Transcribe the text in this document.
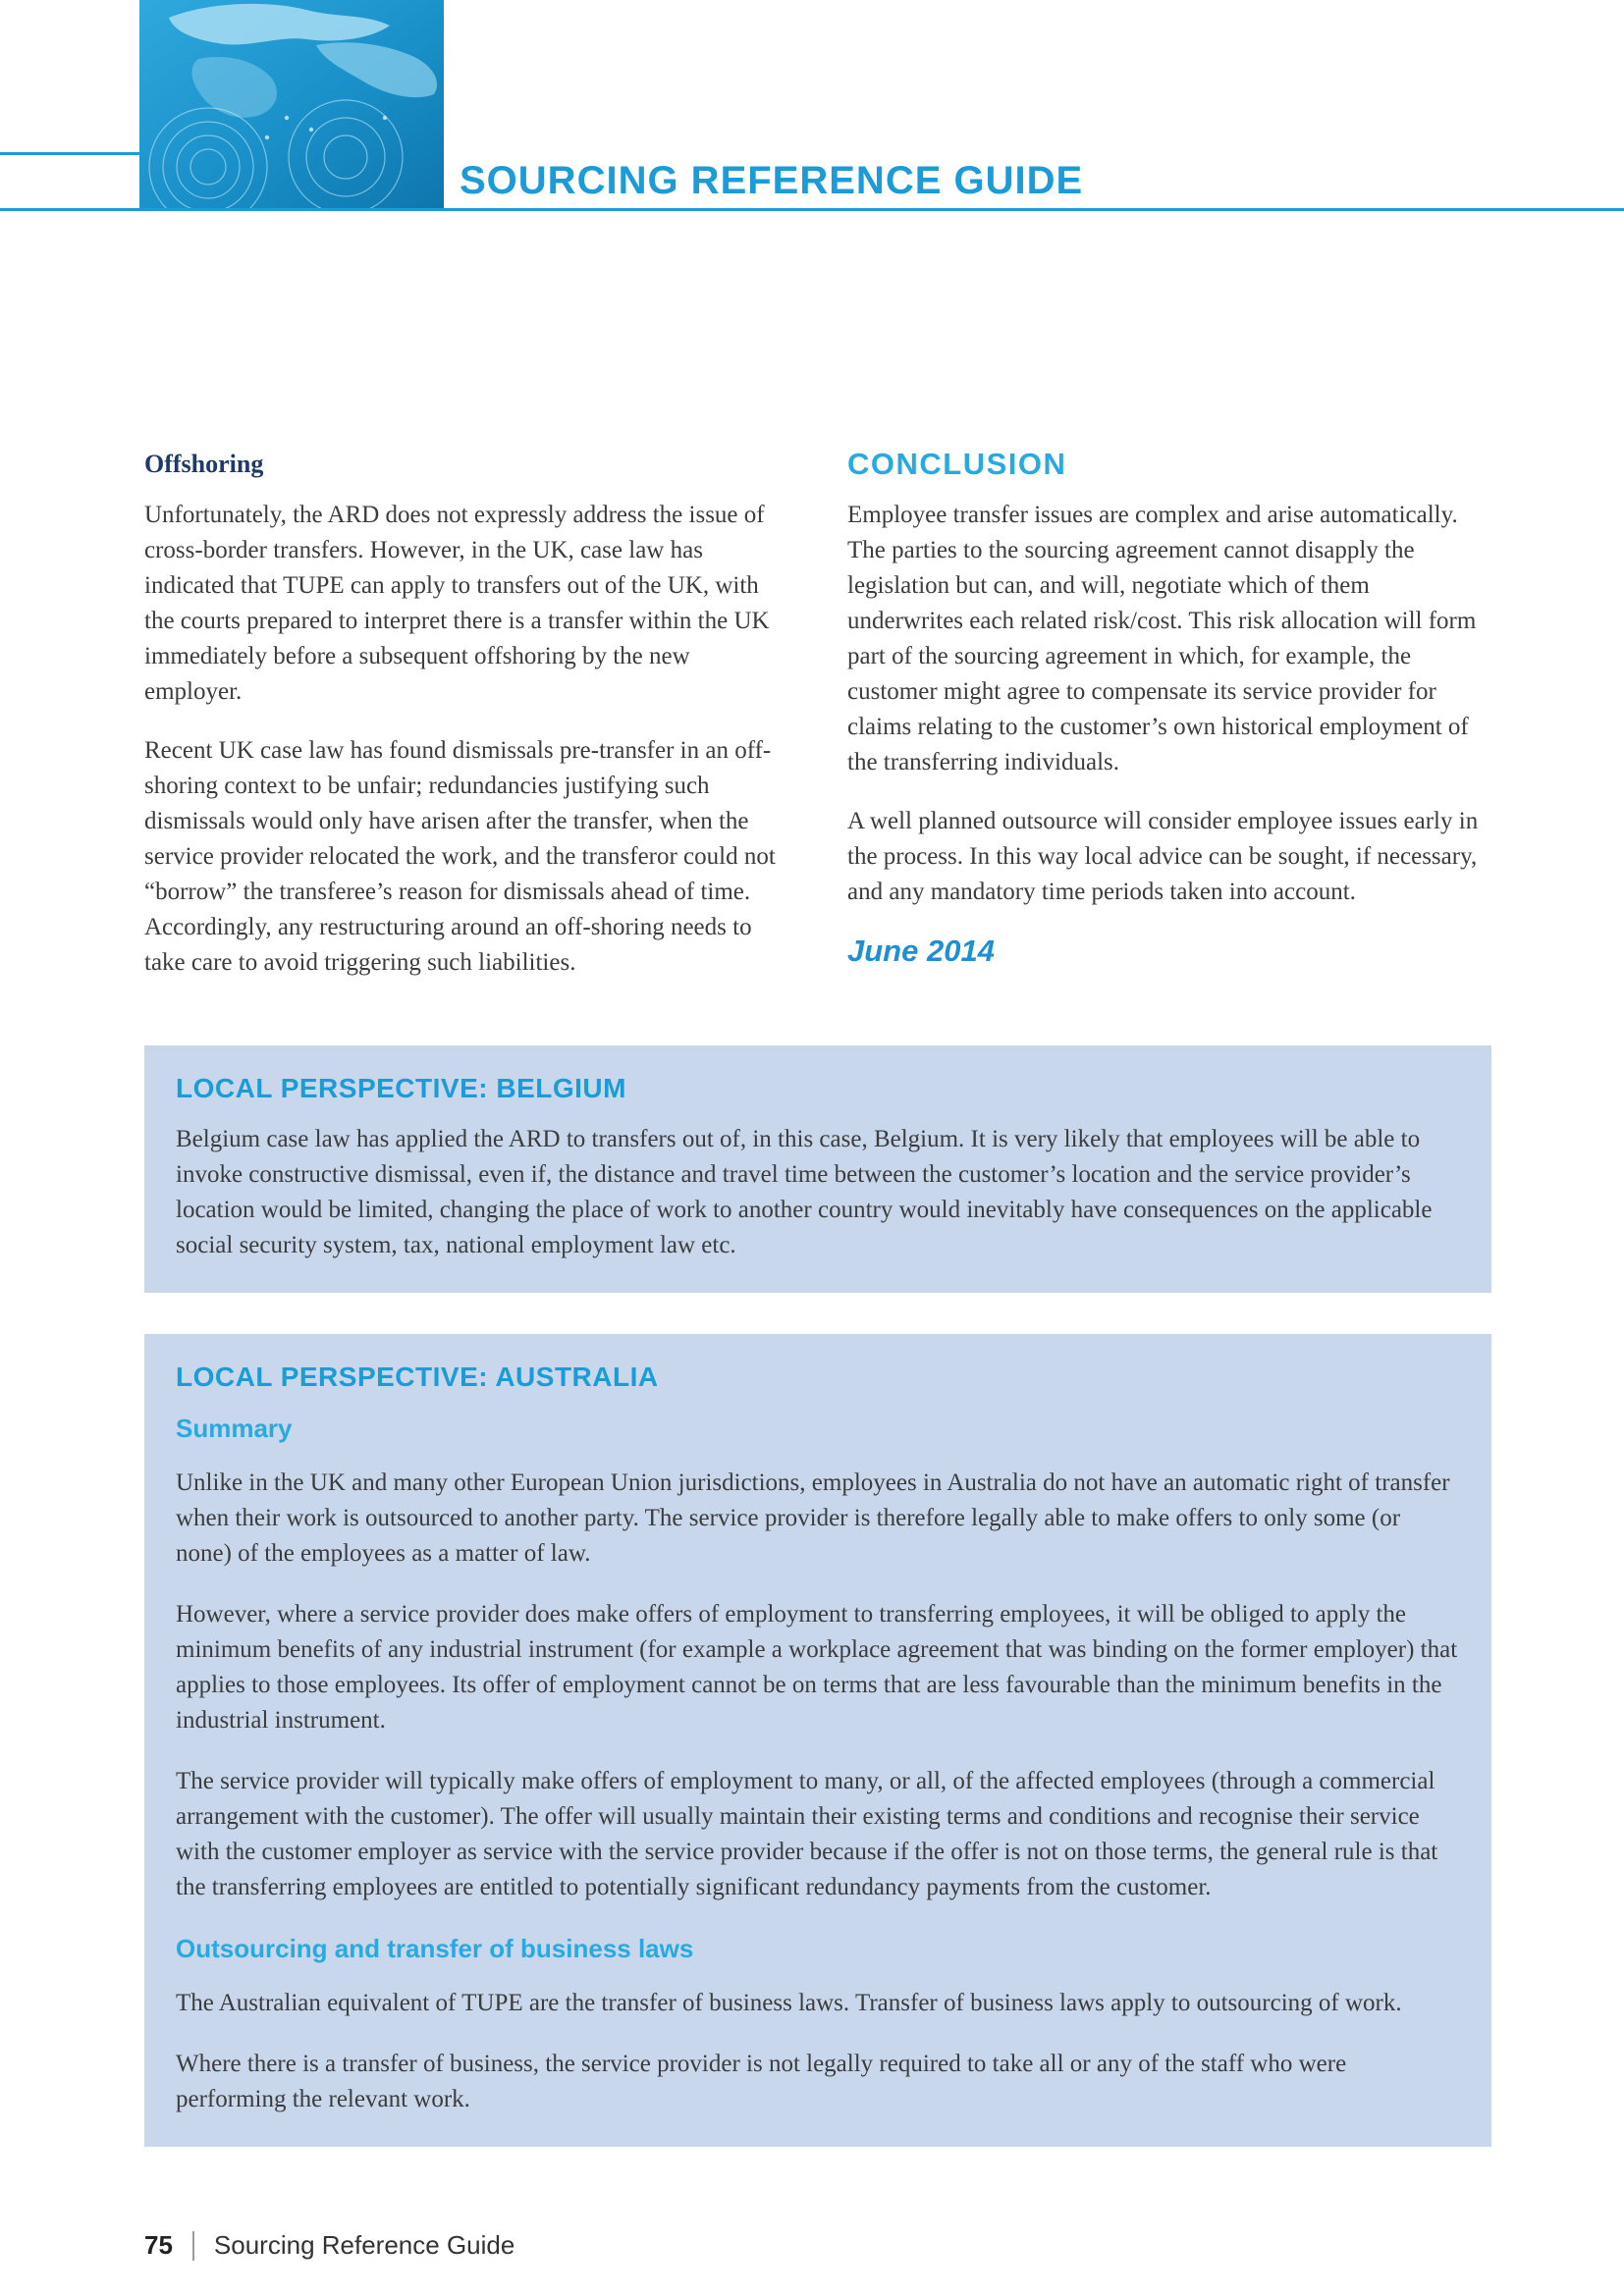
SOURCING REFERENCE GUIDE
Offshoring

Unfortunately, the ARD does not expressly address the issue of cross-border transfers. However, in the UK, case law has indicated that TUPE can apply to transfers out of the UK, with the courts prepared to interpret there is a transfer within the UK immediately before a subsequent offshoring by the new employer.

Recent UK case law has found dismissals pre-transfer in an off-shoring context to be unfair; redundancies justifying such dismissals would only have arisen after the transfer, when the service provider relocated the work, and the transferor could not “borrow” the transferee’s reason for dismissals ahead of time. Accordingly, any restructuring around an off-shoring needs to take care to avoid triggering such liabilities.

CONCLUSION

Employee transfer issues are complex and arise automatically. The parties to the sourcing agreement cannot disapply the legislation but can, and will, negotiate which of them underwrites each related risk/cost. This risk allocation will form part of the sourcing agreement in which, for example, the customer might agree to compensate its service provider for claims relating to the customer’s own historical employment of the transferring individuals.

A well planned outsource will consider employee issues early in the process. In this way local advice can be sought, if necessary, and any mandatory time periods taken into account.

June 2014
LOCAL PERSPECTIVE: BELGIUM

Belgium case law has applied the ARD to transfers out of, in this case, Belgium. It is very likely that employees will be able to invoke constructive dismissal, even if, the distance and travel time between the customer’s location and the service provider’s location would be limited, changing the place of work to another country would inevitably have consequences on the applicable social security system, tax, national employment law etc.

LOCAL PERSPECTIVE: AUSTRALIA
Summary

Unlike in the UK and many other European Union jurisdictions, employees in Australia do not have an automatic right of transfer when their work is outsourced to another party. The service provider is therefore legally able to make offers to only some (or none) of the employees as a matter of law.

However, where a service provider does make offers of employment to transferring employees, it will be obliged to apply the minimum benefits of any industrial instrument (for example a workplace agreement that was binding on the former employer) that applies to those employees. Its offer of employment cannot be on terms that are less favourable than the minimum benefits in the industrial instrument.

The service provider will typically make offers of employment to many, or all, of the affected employees (through a commercial arrangement with the customer). The offer will usually maintain their existing terms and conditions and recognise their service with the customer employer as service with the service provider because if the offer is not on those terms, the general rule is that the transferring employees are entitled to potentially significant redundancy payments from the customer.

Outsourcing and transfer of business laws

The Australian equivalent of TUPE are the transfer of business laws. Transfer of business laws apply to outsourcing of work.

Where there is a transfer of business, the service provider is not legally required to take all or any of the staff who were performing the relevant work.

75 Sourcing Reference Guide
